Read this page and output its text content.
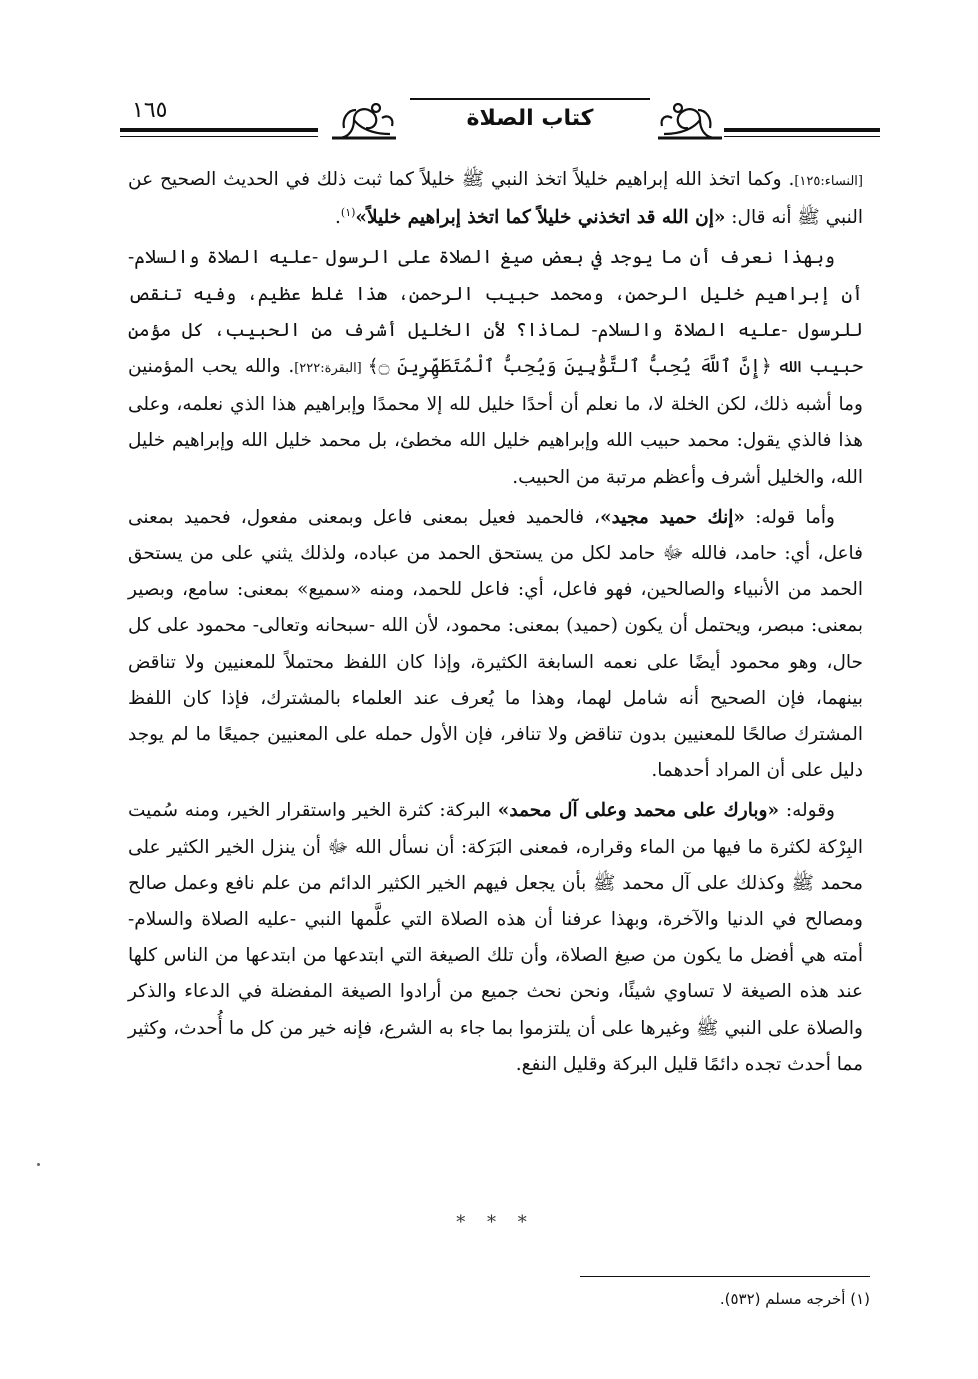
١٦٥	كتاب الصلاة

[النساء:١٢٥]. وكما اتخذ الله إبراهيم خليلاً اتخذ النبي ﷺ خليلاً كما ثبت ذلك في الحديث الصحيح عن النبي ﷺ أنه قال: «إن الله قد اتخذني خليلاً كما اتخذ إبراهيم خليلاً»$^{(١)}$.

وبهذا نعرف أن ما يوجد في بعض صيغ الصلاة على الرسول -عليه الصلاة والسلام- أن إبراهيم خليل الرحمن، ومحمد حبيب الرحمن، هذا غلط عظيم، وفيه تنقص للرسول -عليه الصلاة والسلام- لماذا؟ لأن الخليل أشرف من الحبيب، كل مؤمن حبيب الله ﴿إِنَّ ٱللَّهَ يُحِبُّ ٱلتَّوَّٰبِينَ وَيُحِبُّ ٱلْمُتَطَهِّرِينَ ۝﴾ [البقرة:٢٢٢]. والله يحب المؤمنين وما أشبه ذلك، لكن الخلة لا، ما نعلم أن أحدًا خليل لله إلا محمدًا وإبراهيم هذا الذي نعلمه، وعلى هذا فالذي يقول: محمد حبيب الله وإبراهيم خليل الله مخطئ، بل محمد خليل الله وإبراهيم خليل الله، والخليل أشرف وأعظم مرتبة من الحبيب.

وأما قوله: «إنك حميد مجيد»، فالحميد فعيل بمعنى فاعل وبمعنى مفعول، فحميد بمعنى فاعل، أي: حامد، فالله ﷻ حامد لكل من يستحق الحمد من عباده، ولذلك يثني على من يستحق الحمد من الأنبياء والصالحين، فهو فاعل، أي: فاعل للحمد، ومنه «سميع» بمعنى: سامع، وبصير بمعنى: مبصر، ويحتمل أن يكون (حميد) بمعنى: محمود، لأن الله -سبحانه وتعالى- محمود على كل حال، وهو محمود أيضًا على نعمه السابغة الكثيرة، وإذا كان اللفظ محتملاً للمعنيين ولا تناقض بينهما، فإن الصحيح أنه شامل لهما، وهذا ما يُعرف عند العلماء بالمشترك، فإذا كان اللفظ المشترك صالحًا للمعنيين بدون تناقض ولا تنافر، فإن الأول حمله على المعنيين جميعًا ما لم يوجد دليل على أن المراد أحدهما.

وقوله: «وبارك على محمد وعلى آل محمد» البركة: كثرة الخير واستقرار الخير، ومنه سُميت البِرْكة لكثرة ما فيها من الماء وقراره، فمعنى البَرَكة: أن نسأل الله ﷻ أن ينزل الخير الكثير على محمد ﷺ وكذلك على آل محمد ﷺ بأن يجعل فيهم الخير الكثير الدائم من علم نافع وعمل صالح ومصالح في الدنيا والآخرة، وبهذا عرفنا أن هذه الصلاة التي علَّمها النبي -عليه الصلاة والسلام- أمته هي أفضل ما يكون من صيغ الصلاة، وأن تلك الصيغة التي ابتدعها من ابتدعها من الناس كلها عند هذه الصيغة لا تساوي شيئًا، ونحن نحث جميع من أرادوا الصيغة المفضلة في الدعاء والذكر والصلاة على النبي ﷺ وغيرها على أن يلتزموا بما جاء به الشرع، فإنه خير من كل ما أُحدث، وكثير مما أحدث تجده دائمًا قليل البركة وقليل النفع.

* * *
(١) أخرجه مسلم (٥٣٢).
